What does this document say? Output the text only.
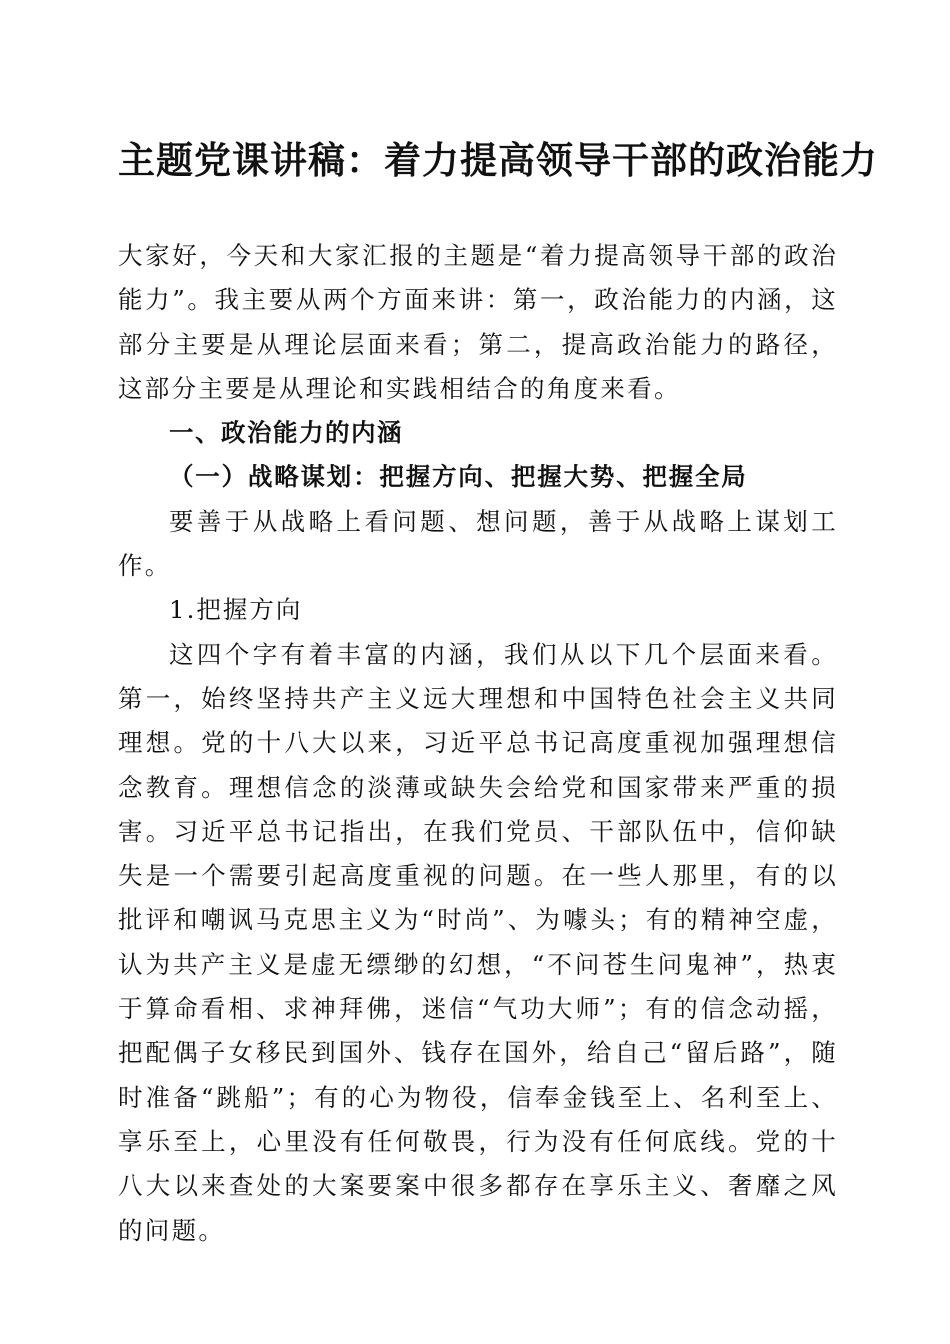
主题党课讲稿：着力提高领导干部的政治能力

大家好，今天和大家汇报的主题是“着力提高领导干部的政治能力”。我主要从两个方面来讲：第一，政治能力的内涵，这部分主要是从理论层面来看；第二，提高政治能力的路径，这部分主要是从理论和实践相结合的角度来看。

一、政治能力的内涵

（一）战略谋划：把握方向、把握大势、把握全局

要善于从战略上看问题、想问题，善于从战略上谋划工作。

1.把握方向

这四个字有着丰富的内涵，我们从以下几个层面来看。第一，始终坚持共产主义远大理想和中国特色社会主义共同理想。党的十八大以来，习近平总书记高度重视加强理想信念教育。理想信念的淡薄或缺失会给党和国家带来严重的损害。习近平总书记指出，在我们党员、干部队伍中，信仰缺失是一个需要引起高度重视的问题。在一些人那里，有的以批评和嘲讽马克思主义为“时尚”、为噱头；有的精神空虚，认为共产主义是虚无缥缈的幻想，“不问苍生问鬼神”，热衷于算命看相、求神拜佛，迷信“气功大师”；有的信念动摇，把配偶子女移民到国外、钱存在国外，给自己“留后路”，随时准备“跳船”；有的心为物役，信奉金钱至上、名利至上、享乐至上，心里没有任何敬畏，行为没有任何底线。党的十八大以来查处的大案要案中很多都存在享乐主义、奢靡之风的问题。
